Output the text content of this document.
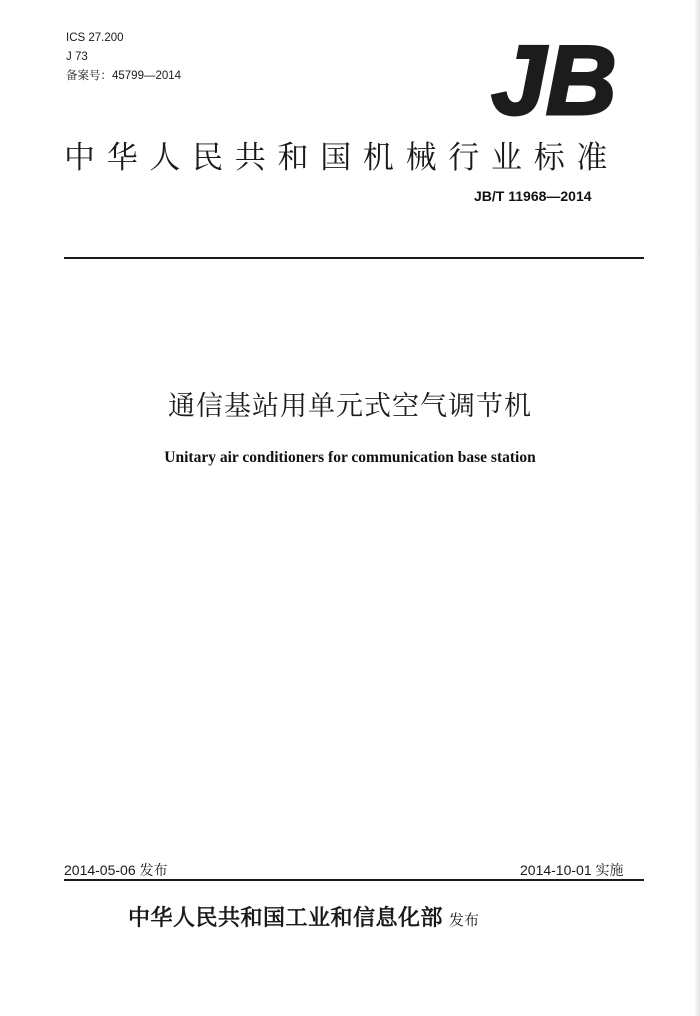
ICS 27.200
J 73
备案号：45799—2014	JB
中华人民共和国机械行业标准
JB/T 11968—2014
通信基站用单元式空气调节机
Unitary air conditioners for communication base station
2014-05-06 发布	2014-10-01 实施
中华人民共和国工业和信息化部 发布
